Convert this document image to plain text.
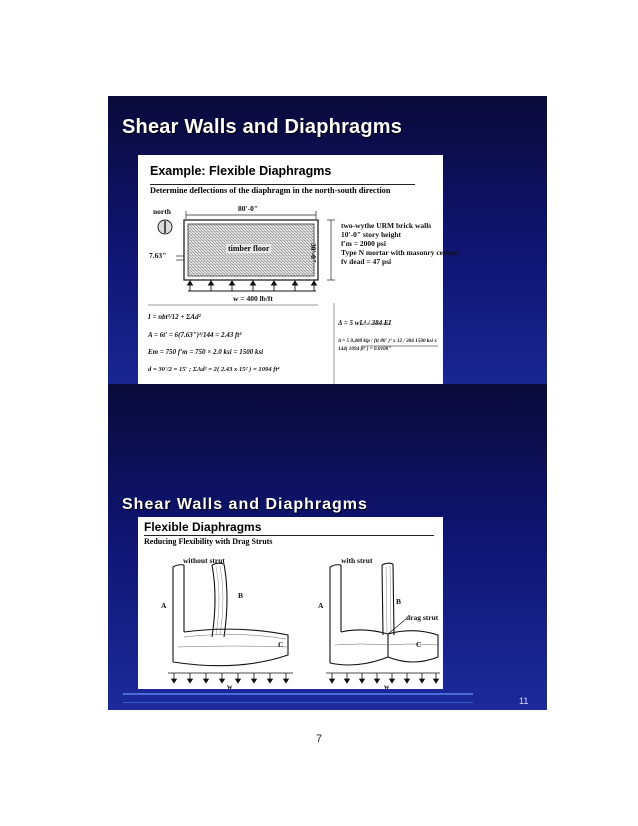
Shear Walls and Diaphragms
Example: Flexible Diaphragms
Determine deflections of the diaphragm in the north-south direction
north	80'-0"
30'-0"
7.63"
timber floor
w = 400 lb/ft
two-wythe URM brick walls
10'-0" story height
f'm = 2000 psi
Type N mortar with masonry cement
fv dead = 47 psi
I = nbt³/12 + ΣAd²
A = 6t' = 6(7.63")²/144 = 2.43 ft²
Em = 750 f'm = 750 × 2.0 ksi = 1500 ksi
d = 30'/2 = 15' ; ΣAd² = 2( 2.43 x 15² ) = 1094 ft⁴
Δ = 5 wL⁴ / 384 EI
Δ = 5 0.400 kip / ft( 80' )⁴ x 12 / 384 1500 ksi x 144( 1094 ft⁴ ) = 0.0108"
Shear Walls and Diaphragms
Flexible Diaphragms
Reducing Flexibility with Drag Struts
without strut	with strut
A
B
C
A	B
C
drag strut
w	w
11
7
